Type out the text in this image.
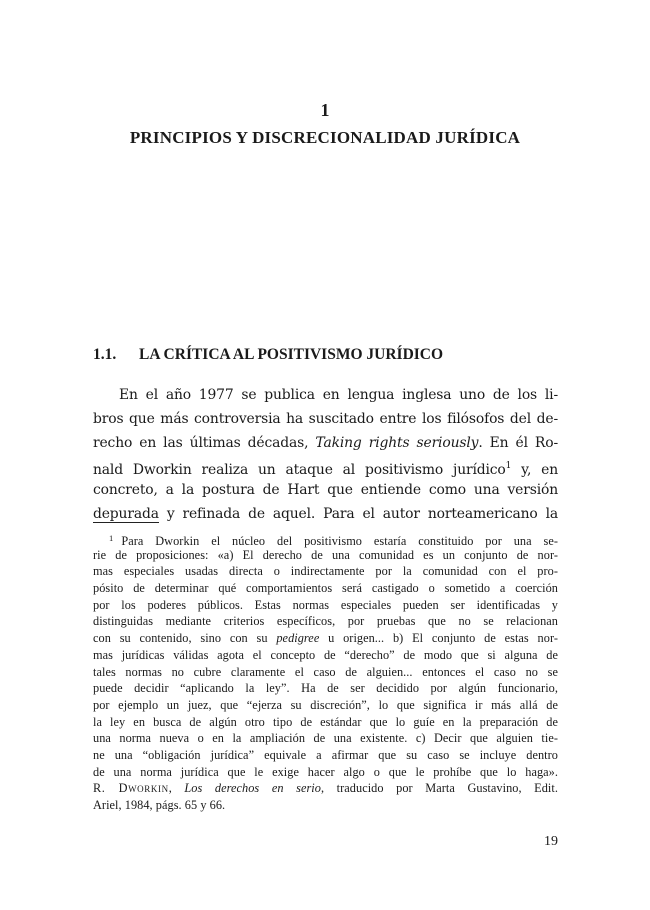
1
PRINCIPIOS Y DISCRECIONALIDAD JURÍDICA
1.1. LA CRÍTICA AL POSITIVISMO JURÍDICO
En el año 1977 se publica en lengua inglesa uno de los li-
bros que más controversia ha suscitado entre los filósofos del de-
recho en las últimas décadas, Taking rights seriously. En él Ro-
nald Dworkin realiza un ataque al positivismo jurídico$^1$ y, en
concreto, a la postura de Hart que entiende como una versión
depurada y refinada de aquel. Para el autor norteamericano la
$^1$ Para Dworkin el núcleo del positivismo estaría constituido por una se-
rie de proposiciones: «a) El derecho de una comunidad es un conjunto de nor-
mas especiales usadas directa o indirectamente por la comunidad con el pro-
pósito de determinar qué comportamientos será castigado o sometido a coerción
por los poderes públicos. Estas normas especiales pueden ser identificadas y
distinguidas mediante criterios específicos, por pruebas que no se relacionan
con su contenido, sino con su pedigree u origen... b) El conjunto de estas nor-
mas jurídicas válidas agota el concepto de “derecho” de modo que si alguna de
tales normas no cubre claramente el caso de alguien... entonces el caso no se
puede decidir “aplicando la ley”. Ha de ser decidido por algún funcionario,
por ejemplo un juez, que “ejerza su discreción”, lo que significa ir más allá de
la ley en busca de algún otro tipo de estándar que lo guíe en la preparación de
una norma nueva o en la ampliación de una existente. c) Decir que alguien tie-
ne una “obligación jurídica” equivale a afirmar que su caso se incluye dentro
de una norma jurídica que le exige hacer algo o que le prohíbe que lo haga».
R. Dworkin, Los derechos en serio, traducido por Marta Gustavino, Edit.
Ariel, 1984, págs. 65 y 66.
19
